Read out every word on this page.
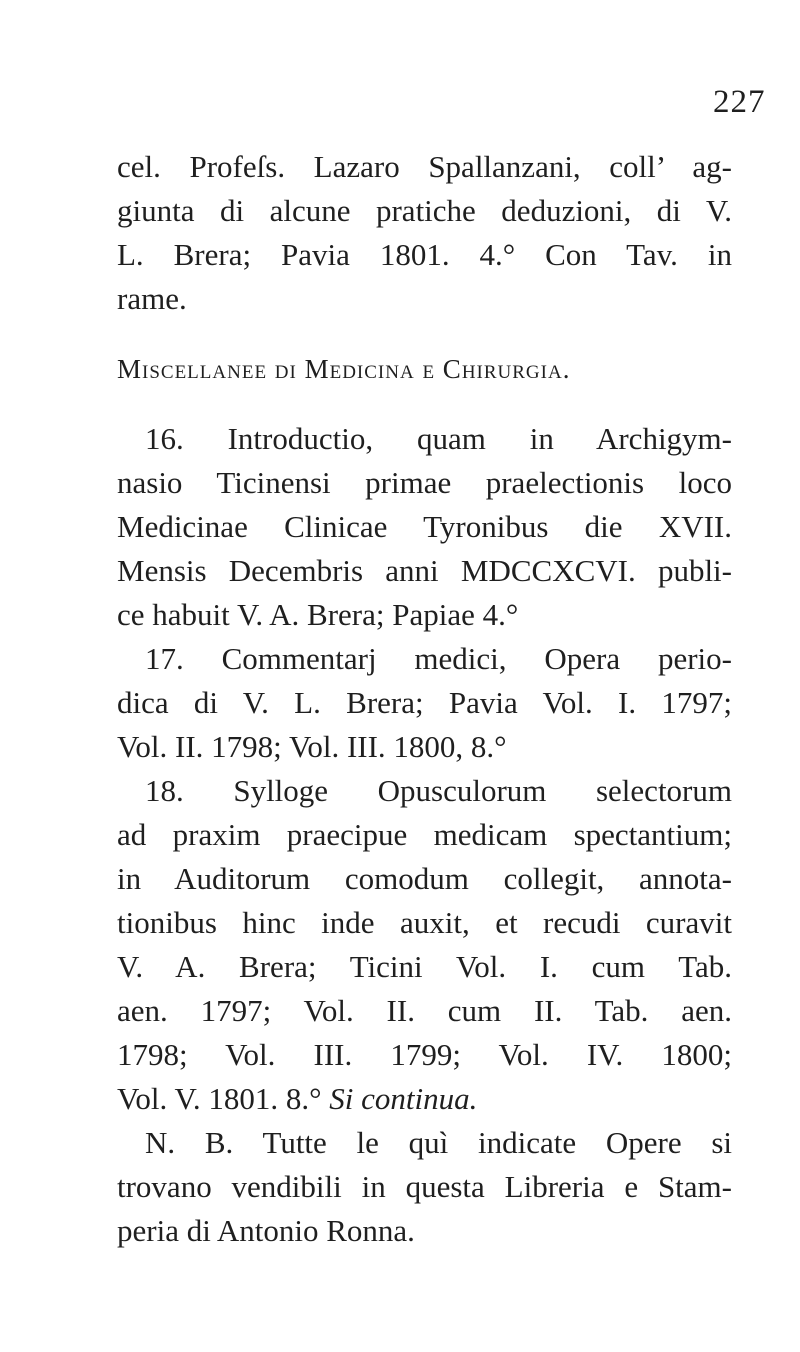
227
cel. Profeſs. Lazaro Spallanzani, coll’ ag-
giunta di alcune pratiche deduzioni, di V.
L. Brera; Pavia 1801. 4.° Con Tav. in
rame.
Miscellanee di Medicina e Chirurgia.
16. Introductio, quam in Archigym-
nasio Ticinensi primae praelectionis loco
Medicinae Clinicae Tyronibus die XVII.
Mensis Decembris anni MDCCXCVI. publi-
ce habuit V. A. Brera; Papiae 4.°
17. Commentarj medici, Opera perio-
dica di V. L. Brera; Pavia Vol. I. 1797;
Vol. II. 1798; Vol. III. 1800, 8.°
18. Sylloge Opusculorum selectorum
ad praxim praecipue medicam spectantium;
in Auditorum comodum collegit, annota-
tionibus hinc inde auxit, et recudi curavit
V. A. Brera; Ticini Vol. I. cum Tab.
aen. 1797; Vol. II. cum II. Tab. aen.
1798; Vol. III. 1799; Vol. IV. 1800;
Vol. V. 1801. 8.° Si continua.
N. B. Tutte le quì indicate Opere si
trovano vendibili in questa Libreria e Stam-
peria di Antonio Ronna.
